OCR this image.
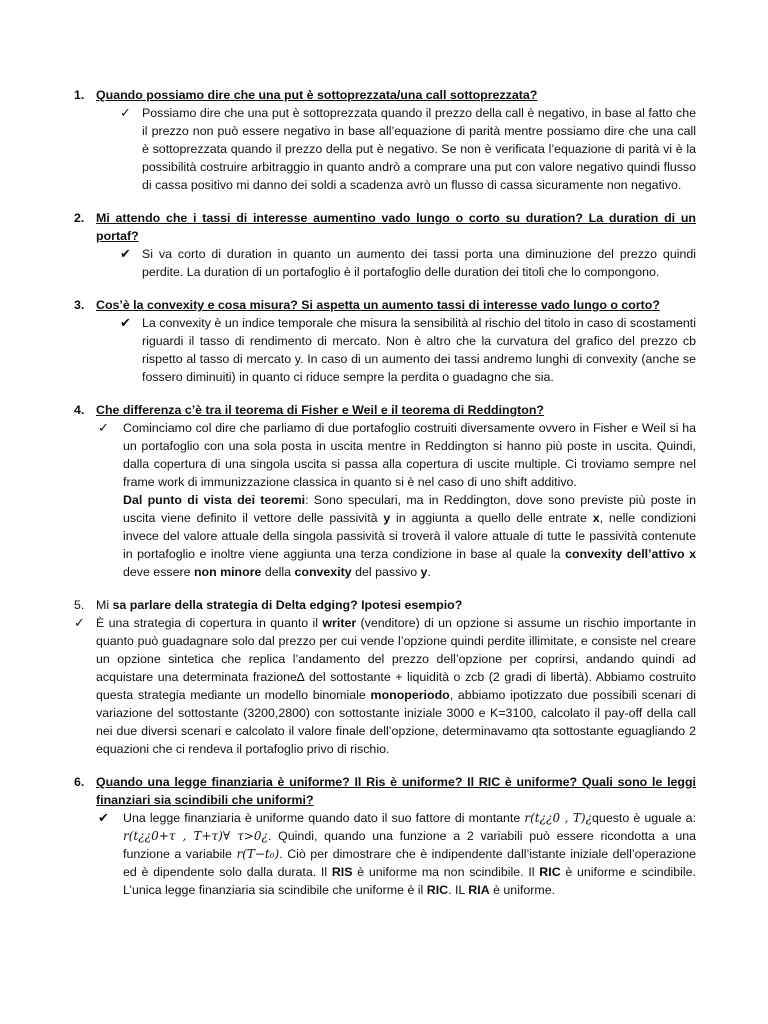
1. Quando possiamo dire che una put è sottoprezzata/una call sottoprezzata?
✓ Possiamo dire che una put è sottoprezzata quando il prezzo della call è negativo, in base al fatto che il prezzo non può essere negativo in base all’equazione di parità mentre possiamo dire che una call è sottoprezzata quando il prezzo della put è negativo. Se non è verificata l’equazione di parità vi è la possibilità costruire arbitraggio in quanto andrò a comprare una put con valore negativo quindi flusso di cassa positivo mi danno dei soldi a scadenza avrò un flusso di cassa sicuramente non negativo.

2. Mi attendo che i tassi di interesse aumentino vado lungo o corto su duration? La duration di un portaf?
✔ Si va corto di duration in quanto un aumento dei tassi porta una diminuzione del prezzo quindi perdite. La duration di un portafoglio è il portafoglio delle duration dei titoli che lo compongono.

3. Cos’è la convexity e cosa misura? Si aspetta un aumento tassi di interesse vado lungo o corto?
✔ La convexity è un indice temporale che misura la sensibilità al rischio del titolo in caso di scostamenti riguardi il tasso di rendimento di mercato. Non è altro che la curvatura del grafico del prezzo cb rispetto al tasso di mercato y. In caso di un aumento dei tassi andremo lunghi di convexity (anche se fossero diminuiti) in quanto ci riduce sempre la perdita o guadagno che sia.

4. Che differenza c’è tra il teorema di Fisher e Weil e il teorema di Reddington?
✓ Cominciamo col dire che parliamo di due portafoglio costruiti diversamente ovvero in Fisher e Weil si ha un portafoglio con una sola posta in uscita mentre in Reddington si hanno più poste in uscita. Quindi, dalla copertura di una singola uscita si passa alla copertura di uscite multiple. Ci troviamo sempre nel frame work di immunizzazione classica in quanto si è nel caso di uno shift additivo.

Dal punto di vista dei teoremi: Sono speculari, ma in Reddington, dove sono previste più poste in uscita viene definito il vettore delle passività y in aggiunta a quello delle entrate x, nelle condizioni invece del valore attuale della singola passività si troverà il valore attuale di tutte le passività contenute in portafoglio e inoltre viene aggiunta una terza condizione in base al quale la convexity dell’attivo x deve essere non minore della convexity del passivo y.

5. Mi sa parlare della strategia di Delta edging? Ipotesi esempio?
✓ È una strategia di copertura in quanto il writer (venditore) di un opzione si assume un rischio importante in quanto può guadagnare solo dal prezzo per cui vende l’opzione quindi perdite illimitate, e consiste nel creare un opzione sintetica che replica l’andamento del prezzo dell’opzione per coprirsi, andando quindi ad acquistare una determinata frazione∆ del sottostante + liquidità o zcb (2 gradi di libertà). Abbiamo costruito questa strategia mediante un modello binomiale monoperiodo, abbiamo ipotizzato due possibili scenari di variazione del sottostante (3200,2800) con sottostante iniziale 3000 e K=3100, calcolato il pay-off della call nei due diversi scenari e calcolato il valore finale dell’opzione, determinavamo qta sottostante eguagliando 2 equazioni che ci rendeva il portafoglio privo di rischio.

6. Quando una legge finanziaria è uniforme? Il Ris è uniforme? Il RIC è uniforme? Quali sono le leggi finanziari sia scindibili che uniformi?
✔ Una legge finanziaria è uniforme quando dato il suo fattore di montante r(t¿¿0 , T)¿questo è uguale a: r(t¿¿0+τ , T+τ)∀ τ>0¿. Quindi, quando una funzione a 2 variabili può essere ricondotta a una funzione a variabile r(T−t₀). Ciò per dimostrare che è indipendente dall’istante iniziale dell’operazione ed è dipendente solo dalla durata. Il RIS è uniforme ma non scindibile. Il RIC è uniforme e scindibile. L’unica legge finanziaria sia scindibile che uniforme è il RIC. IL RIA è uniforme.
